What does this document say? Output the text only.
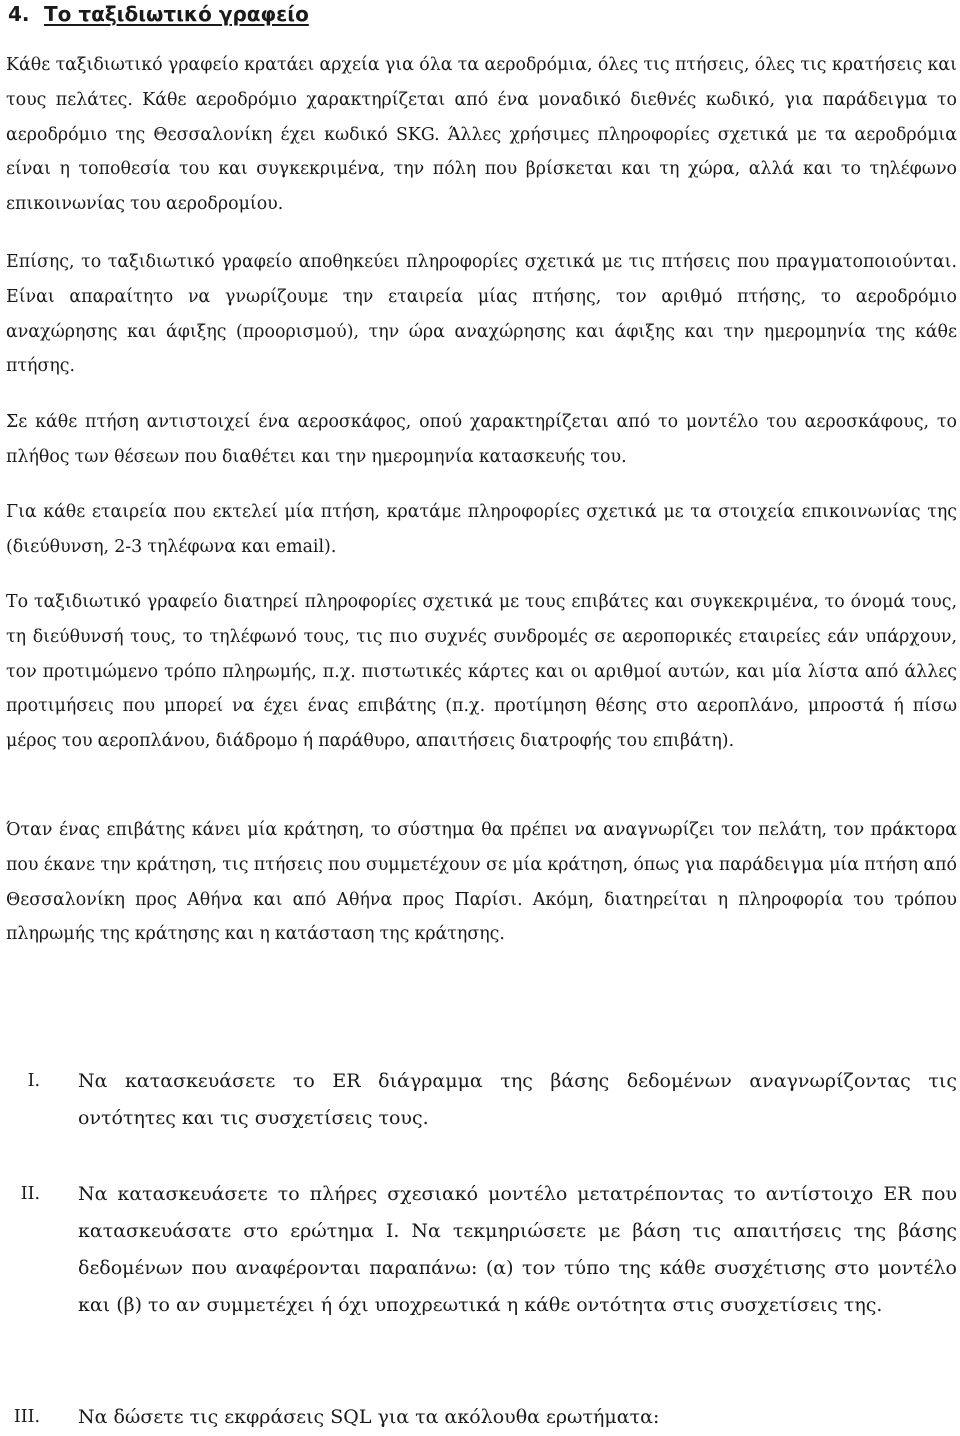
4. Το ταξιδιωτικό γραφείο

Κάθε ταξιδιωτικό γραφείο κρατάει αρχεία για όλα τα αεροδρόμια, όλες τις πτήσεις, όλες τις κρατήσεις και τους πελάτες. Κάθε αεροδρόμιο χαρακτηρίζεται από ένα μοναδικό διεθνές κωδικό, για παράδειγμα το αεροδρόμιο της Θεσσαλονίκη έχει κωδικό SKG. Άλλες χρήσιμες πληροφορίες σχετικά με τα αεροδρόμια είναι η τοποθεσία του και συγκεκριμένα, την πόλη που βρίσκεται και τη χώρα, αλλά και το τηλέφωνο επικοινωνίας του αεροδρομίου.

Επίσης, το ταξιδιωτικό γραφείο αποθηκεύει πληροφορίες σχετικά με τις πτήσεις που πραγματοποιούνται. Είναι απαραίτητο να γνωρίζουμε την εταιρεία μίας πτήσης, τον αριθμό πτήσης, το αεροδρόμιο αναχώρησης και άφιξης (προορισμού), την ώρα αναχώρησης και άφιξης και την ημερομηνία της κάθε πτήσης.

Σε κάθε πτήση αντιστοιχεί ένα αεροσκάφος, οπού χαρακτηρίζεται από το μοντέλο του αεροσκάφους, το πλήθος των θέσεων που διαθέτει και την ημερομηνία κατασκευής του.

Για κάθε εταιρεία που εκτελεί μία πτήση, κρατάμε πληροφορίες σχετικά με τα στοιχεία επικοινωνίας της (διεύθυνση, 2-3 τηλέφωνα και email).

Το ταξιδιωτικό γραφείο διατηρεί πληροφορίες σχετικά με τους επιβάτες και συγκεκριμένα, το όνομά τους, τη διεύθυνσή τους, το τηλέφωνό τους, τις πιο συχνές συνδρομές σε αεροπορικές εταιρείες εάν υπάρχουν, τον προτιμώμενο τρόπο πληρωμής, π.χ. πιστωτικές κάρτες και οι αριθμοί αυτών, και μία λίστα από άλλες προτιμήσεις που μπορεί να έχει ένας επιβάτης (π.χ. προτίμηση θέσης στο αεροπλάνο, μπροστά ή πίσω μέρος του αεροπλάνου, διάδρομο ή παράθυρο, απαιτήσεις διατροφής του επιβάτη).

Όταν ένας επιβάτης κάνει μία κράτηση, το σύστημα θα πρέπει να αναγνωρίζει τον πελάτη, τον πράκτορα που έκανε την κράτηση, τις πτήσεις που συμμετέχουν σε μία κράτηση, όπως για παράδειγμα μία πτήση από Θεσσαλονίκη προς Αθήνα και από Αθήνα προς Παρίσι. Ακόμη, διατηρείται η πληροφορία του τρόπου πληρωμής της κράτησης και η κατάσταση της κράτησης.

I. Να κατασκευάσετε το ER διάγραμμα της βάσης δεδομένων αναγνωρίζοντας τις οντότητες και τις συσχετίσεις τους.

II. Να κατασκευάσετε το πλήρες σχεσιακό μοντέλο μετατρέποντας το αντίστοιχο ER που κατασκευάσατε στο ερώτημα Ι. Να τεκμηριώσετε με βάση τις απαιτήσεις της βάσης δεδομένων που αναφέρονται παραπάνω: (α) τον τύπο της κάθε συσχέτισης στο μοντέλο και (β) το αν συμμετέχει ή όχι υποχρεωτικά η κάθε οντότητα στις συσχετίσεις της.

III. Να δώσετε τις εκφράσεις SQL για τα ακόλουθα ερωτήματα:
